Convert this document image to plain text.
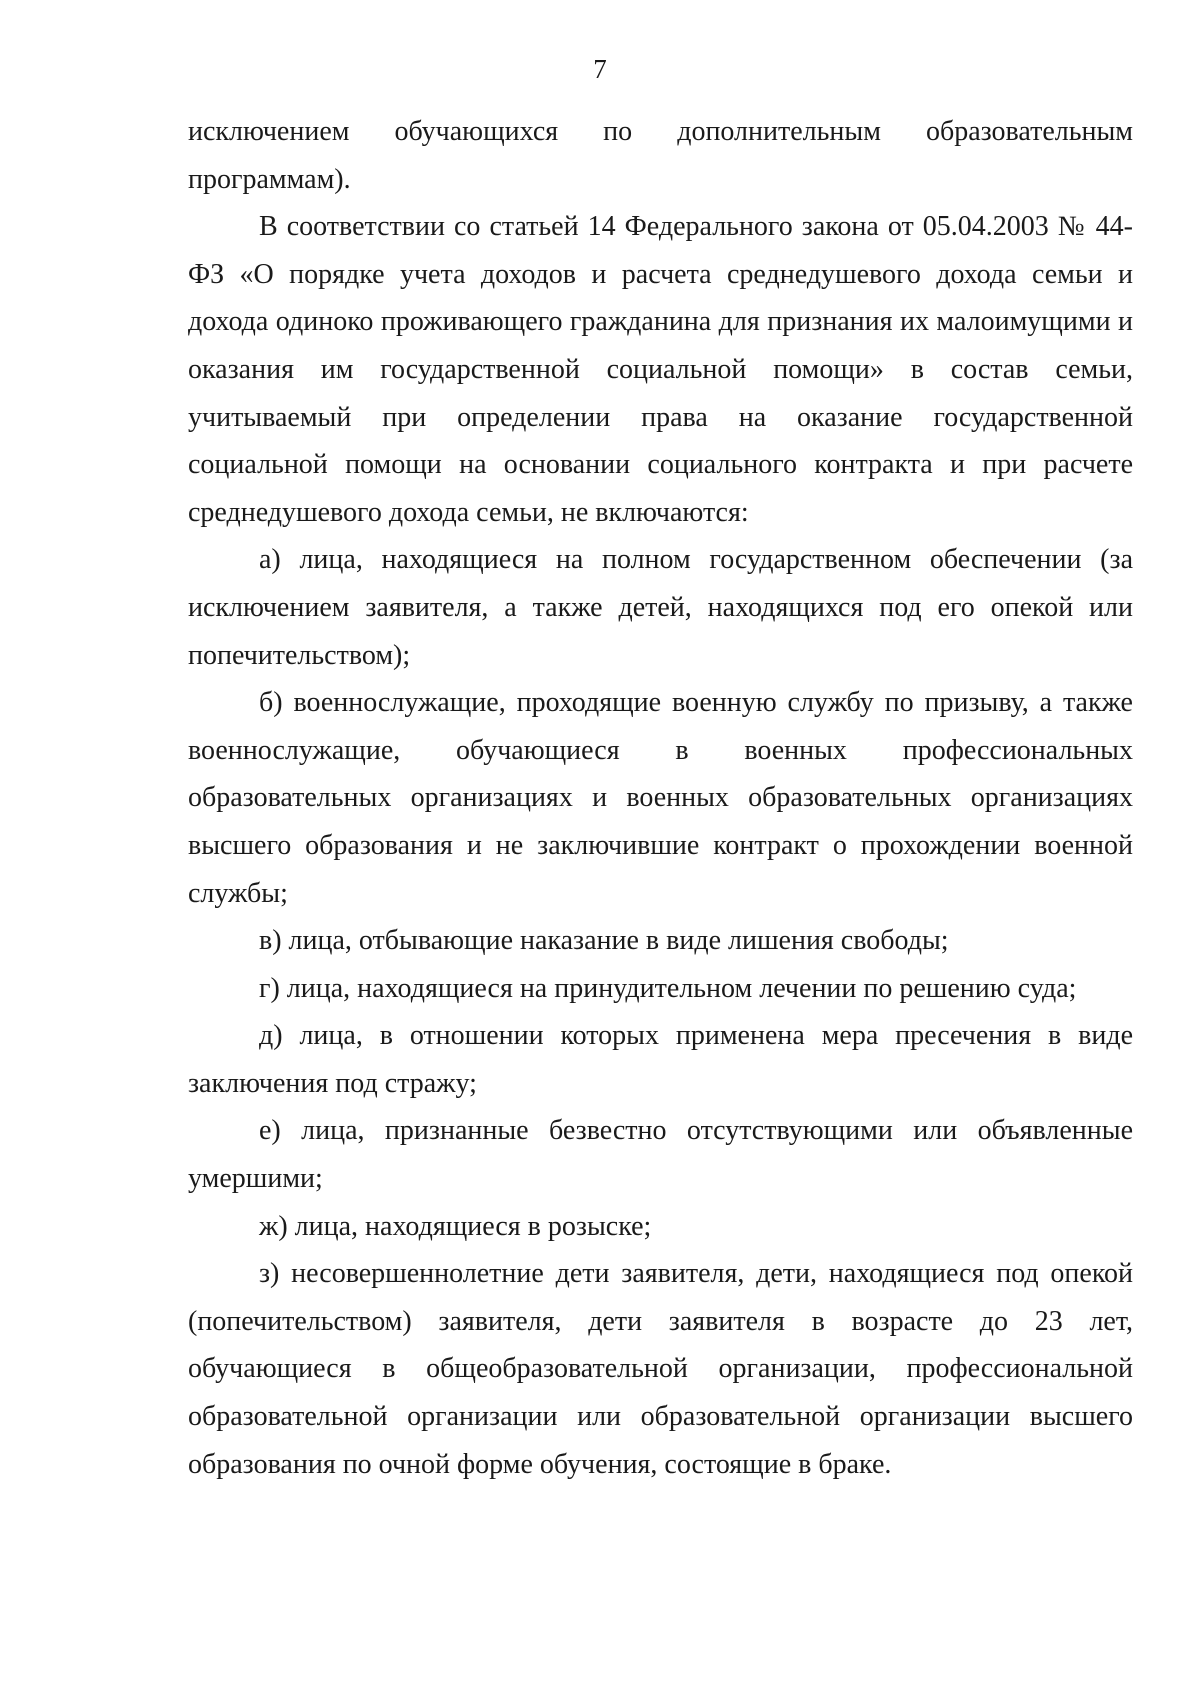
7

исключением обучающихся по дополнительным образовательным программам).

В соответствии со статьей 14 Федерального закона от 05.04.2003 № 44-ФЗ «О порядке учета доходов и расчета среднедушевого дохода семьи и дохода одиноко проживающего гражданина для признания их малоимущими и оказания им государственной социальной помощи» в состав семьи, учитываемый при определении права на оказание государственной социальной помощи на основании социального контракта и при расчете среднедушевого дохода семьи, не включаются:

а) лица, находящиеся на полном государственном обеспечении (за исключением заявителя, а также детей, находящихся под его опекой или попечительством);

б) военнослужащие, проходящие военную службу по призыву, а также военнослужащие, обучающиеся в военных профессиональных образовательных организациях и военных образовательных организациях высшего образования и не заключившие контракт о прохождении военной службы;

в) лица, отбывающие наказание в виде лишения свободы;

г) лица, находящиеся на принудительном лечении по решению суда;

д) лица, в отношении которых применена мера пресечения в виде заключения под стражу;

е) лица, признанные безвестно отсутствующими или объявленные умершими;

ж) лица, находящиеся в розыске;

з) несовершеннолетние дети заявителя, дети, находящиеся под опекой (попечительством) заявителя, дети заявителя в возрасте до 23 лет, обучающиеся в общеобразовательной организации, профессиональной образовательной организации или образовательной организации высшего образования по очной форме обучения, состоящие в браке.
